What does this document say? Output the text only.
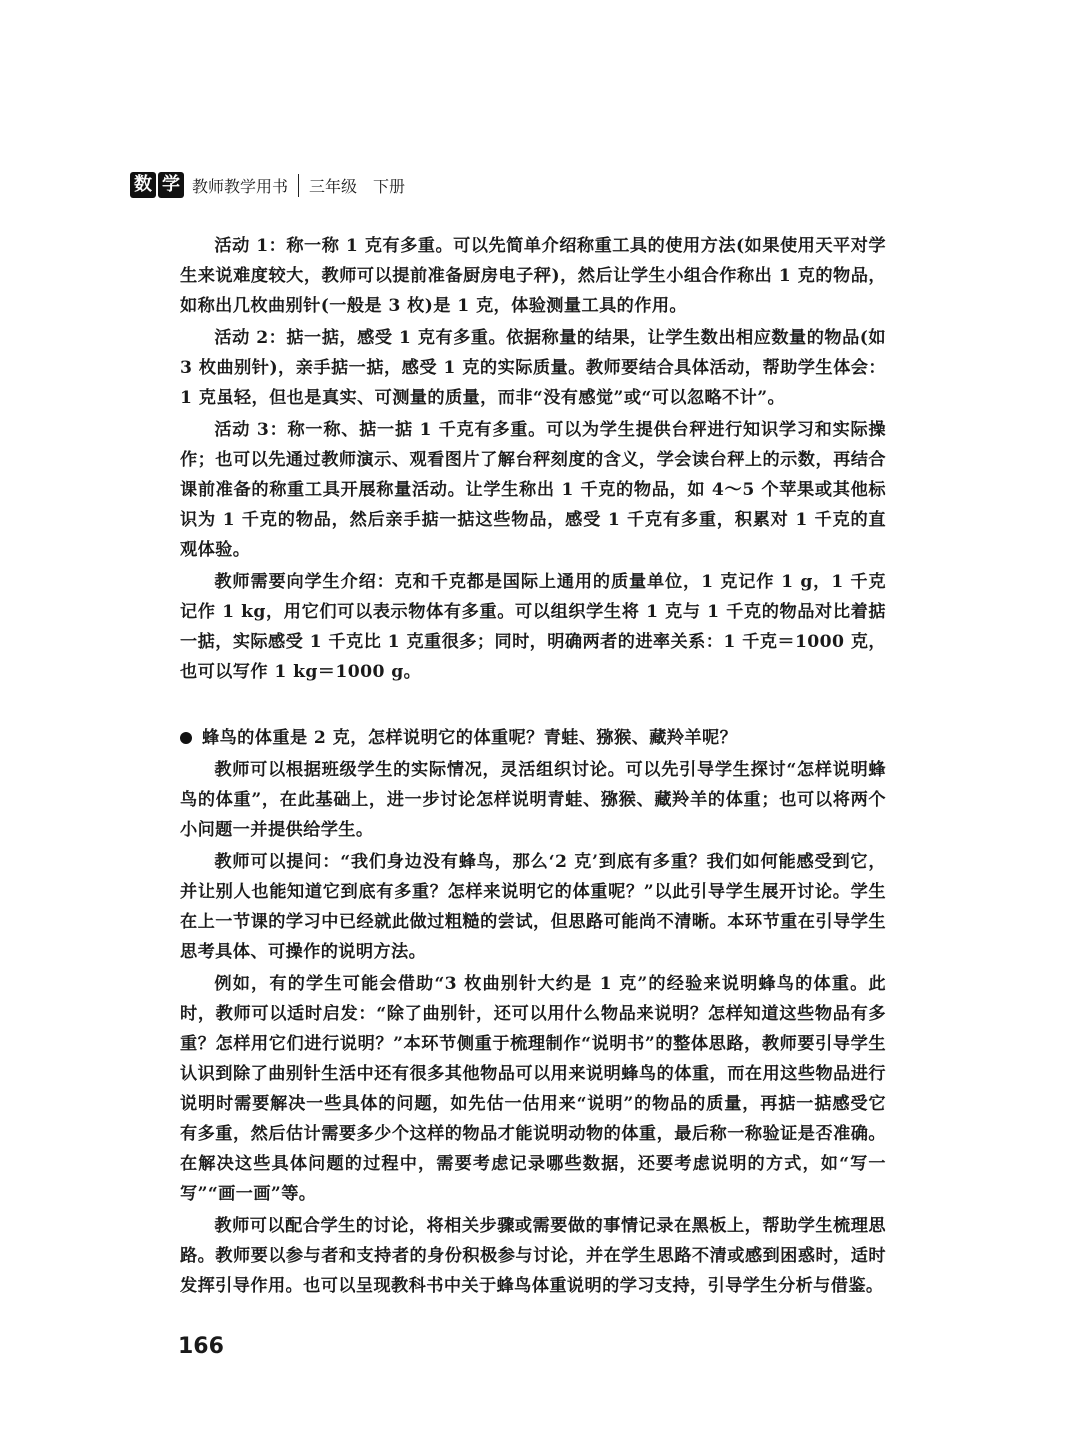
数 学 教师教学用书	三年级 下册

活动 1：称一称 1 克有多重。可以先简单介绍称重工具的使用方法(如果使用天平对学生来说难度较大，教师可以提前准备厨房电子秤)，然后让学生小组合作称出 1 克的物品，如称出几枚曲别针(一般是 3 枚)是 1 克，体验测量工具的作用。

活动 2：掂一掂，感受 1 克有多重。依据称量的结果，让学生数出相应数量的物品(如 3 枚曲别针)，亲手掂一掂，感受 1 克的实际质量。教师要结合具体活动，帮助学生体会：1 克虽轻，但也是真实、可测量的质量，而非“没有感觉”或“可以忽略不计”。

活动 3：称一称、掂一掂 1 千克有多重。可以为学生提供台秤进行知识学习和实际操作；也可以先通过教师演示、观看图片了解台秤刻度的含义，学会读台秤上的示数，再结合课前准备的称重工具开展称量活动。让学生称出 1 千克的物品，如 4～5 个苹果或其他标识为 1 千克的物品，然后亲手掂一掂这些物品，感受 1 千克有多重，积累对 1 千克的直观体验。

教师需要向学生介绍：克和千克都是国际上通用的质量单位，1 克记作 1 g，1 千克记作 1 kg，用它们可以表示物体有多重。可以组织学生将 1 克与 1 千克的物品对比着掂一掂，实际感受 1 千克比 1 克重很多；同时，明确两者的进率关系：1 千克＝1000 克，也可以写作 1 kg＝1000 g。

蜂鸟的体重是 2 克，怎样说明它的体重呢？青蛙、猕猴、藏羚羊呢？

教师可以根据班级学生的实际情况，灵活组织讨论。可以先引导学生探讨“怎样说明蜂鸟的体重”，在此基础上，进一步讨论怎样说明青蛙、猕猴、藏羚羊的体重；也可以将两个小问题一并提供给学生。

教师可以提问：“我们身边没有蜂鸟，那么‘2 克’到底有多重？我们如何能感受到它，并让别人也能知道它到底有多重？怎样来说明它的体重呢？”以此引导学生展开讨论。学生在上一节课的学习中已经就此做过粗糙的尝试，但思路可能尚不清晰。本环节重在引导学生思考具体、可操作的说明方法。

例如，有的学生可能会借助“3 枚曲别针大约是 1 克”的经验来说明蜂鸟的体重。此时，教师可以适时启发：“除了曲别针，还可以用什么物品来说明？怎样知道这些物品有多重？怎样用它们进行说明？”本环节侧重于梳理制作“说明书”的整体思路，教师要引导学生认识到除了曲别针生活中还有很多其他物品可以用来说明蜂鸟的体重，而在用这些物品进行说明时需要解决一些具体的问题，如先估一估用来“说明”的物品的质量，再掂一掂感受它有多重，然后估计需要多少个这样的物品才能说明动物的体重，最后称一称验证是否准确。在解决这些具体问题的过程中，需要考虑记录哪些数据，还要考虑说明的方式，如“写一写”“画一画”等。

教师可以配合学生的讨论，将相关步骤或需要做的事情记录在黑板上，帮助学生梳理思路。教师要以参与者和支持者的身份积极参与讨论，并在学生思路不清或感到困惑时，适时发挥引导作用。也可以呈现教科书中关于蜂鸟体重说明的学习支持，引导学生分析与借鉴。

166
